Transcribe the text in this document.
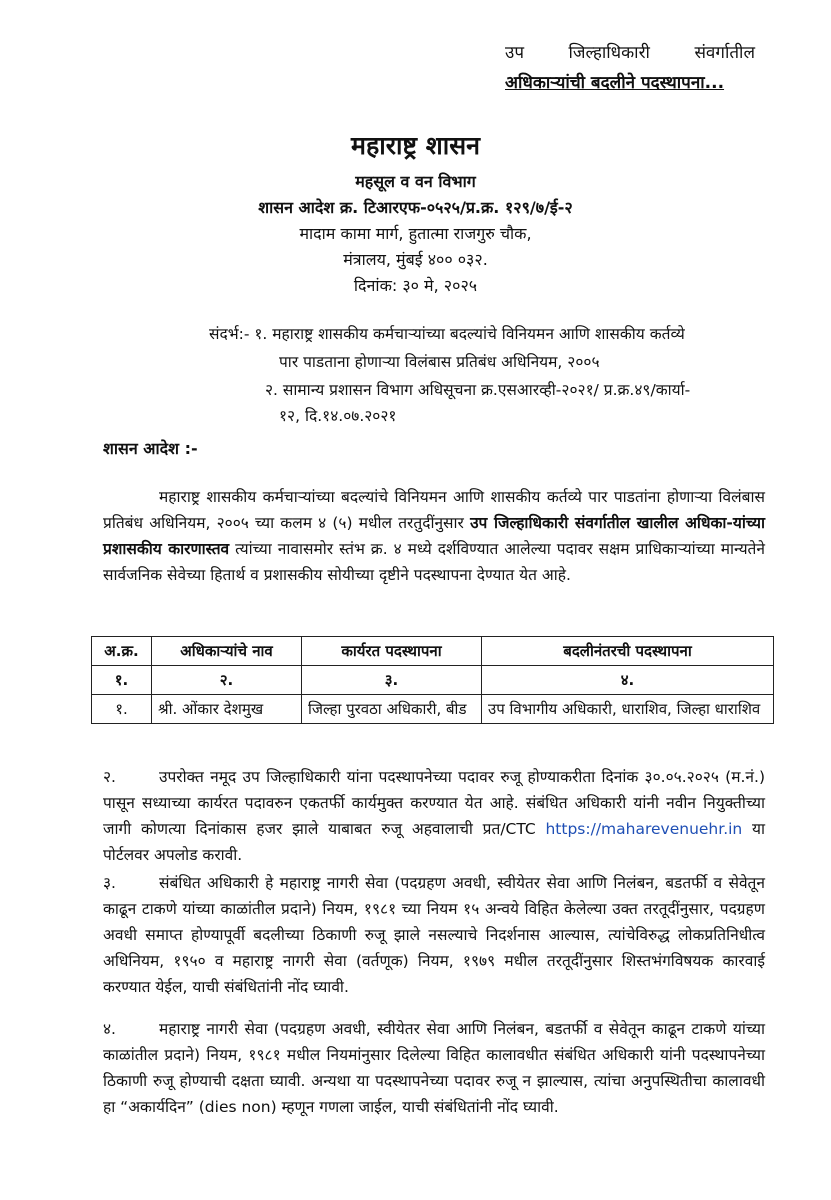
उप	जिल्हाधिकारी	संवर्गातील
अधिकाऱ्यांची बदलीने पदस्थापना...
महाराष्ट्र शासन
महसूल व वन विभाग
शासन आदेश क्र. टिआरएफ-०५२५/प्र.क्र. १२९/७/ई-२
मादाम कामा मार्ग, हुतात्मा राजगुरु चौक,
मंत्रालय, मुंबई ४०० ०३२.
दिनांक: ३० मे, २०२५
संदर्भ:- १. महाराष्ट्र शासकीय कर्मचाऱ्यांच्या बदल्यांचे विनियमन आणि शासकीय कर्तव्ये
पार पाडताना होणाऱ्या विलंबास प्रतिबंध अधिनियम, २००५
२. सामान्य प्रशासन विभाग अधिसूचना क्र.एसआरव्ही-२०२१/ प्र.क्र.४९/कार्या-
१२, दि.१४.०७.२०२१
शासन आदेश :-
महाराष्ट्र शासकीय कर्मचाऱ्यांच्या बदल्यांचे विनियमन आणि शासकीय कर्तव्ये पार पाडतांना होणाऱ्या विलंबास प्रतिबंध अधिनियम, २००५ च्या कलम ४ (५) मधील तरतुदींनुसार उप जिल्हाधिकारी संवर्गातील खालील अधिका-यांच्या प्रशासकीय कारणास्तव त्यांच्या नावासमोर स्तंभ क्र. ४ मध्ये दर्शविण्यात आलेल्या पदावर सक्षम प्राधिकाऱ्यांच्या मान्यतेने सार्वजनिक सेवेच्या हितार्थ व प्रशासकीय सोयीच्या दृष्टीने पदस्थापना देण्यात येत आहे.
अ.क्र.	अधिकाऱ्यांचे नाव	कार्यरत पदस्थापना	बदलीनंतरची पदस्थापना
१.	२.	३.	४.
१.	श्री. ओंकार देशमुख	जिल्हा पुरवठा अधिकारी, बीड	उप विभागीय अधिकारी, धाराशिव, जिल्हा धाराशिव
२.	उपरोक्त नमूद उप जिल्हाधिकारी यांना पदस्थापनेच्या पदावर रुजू होण्याकरीता दिनांक ३०.०५.२०२५ (म.नं.) पासून सध्याच्या कार्यरत पदावरुन एकतर्फी कार्यमुक्त करण्यात येत आहे. संबंधित अधिकारी यांनी नवीन नियुक्तीच्या जागी कोणत्या दिनांकास हजर झाले याबाबत रुजू अहवालाची प्रत/CTC https://maharevenuehr.in या पोर्टलवर अपलोड करावी.
३.	संबंधित अधिकारी हे महाराष्ट्र नागरी सेवा (पदग्रहण अवधी, स्वीयेतर सेवा आणि निलंबन, बडतर्फी व सेवेतून काढून टाकणे यांच्या काळांतील प्रदाने) नियम, १९८१ च्या नियम १५ अन्वये विहित केलेल्या उक्त तरतूदींनुसार, पदग्रहण अवधी समाप्त होण्यापूर्वी बदलीच्या ठिकाणी रुजू झाले नसल्याचे निदर्शनास आल्यास, त्यांचेविरुद्ध लोकप्रतिनिधीत्व अधिनियम, १९५० व महाराष्ट्र नागरी सेवा (वर्तणूक) नियम, १९७९ मधील तरतूदींनुसार शिस्तभंगविषयक कारवाई करण्यात येईल, याची संबंधितांनी नोंद घ्यावी.
४.	महाराष्ट्र नागरी सेवा (पदग्रहण अवधी, स्वीयेतर सेवा आणि निलंबन, बडतर्फी व सेवेतून काढून टाकणे यांच्या काळांतील प्रदाने) नियम, १९८१ मधील नियमांनुसार दिलेल्या विहित कालावधीत संबंधित अधिकारी यांनी पदस्थापनेच्या ठिकाणी रुजू होण्याची दक्षता घ्यावी. अन्यथा या पदस्थापनेच्या पदावर रुजू न झाल्यास, त्यांचा अनुपस्थितीचा कालावधी हा “अकार्यदिन” (dies non) म्हणून गणला जाईल, याची संबंधितांनी नोंद घ्यावी.
